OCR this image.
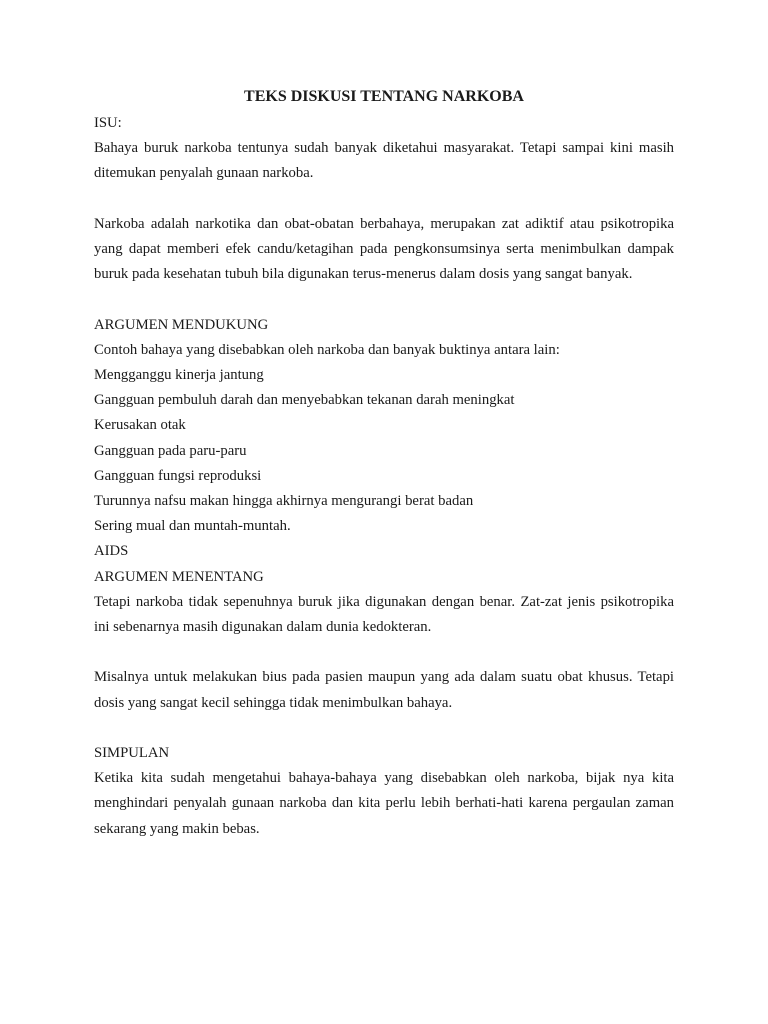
TEKS DISKUSI TENTANG NARKOBA
ISU:

Bahaya buruk narkoba tentunya sudah banyak diketahui masyarakat. Tetapi sampai kini masih ditemukan penyalah gunaan narkoba.

Narkoba adalah narkotika dan obat-obatan berbahaya, merupakan zat adiktif atau psikotropika yang dapat memberi efek candu/ketagihan pada pengkonsumsinya serta menimbulkan dampak buruk pada kesehatan tubuh bila digunakan terus-menerus dalam dosis yang sangat banyak.

ARGUMEN MENDUKUNG
Contoh bahaya yang disebabkan oleh narkoba dan banyak buktinya antara lain:
Mengganggu kinerja jantung
Gangguan pembuluh darah dan menyebabkan tekanan darah meningkat
Kerusakan otak
Gangguan pada paru-paru
Gangguan fungsi reproduksi
Turunnya nafsu makan hingga akhirnya mengurangi berat badan
Sering mual dan muntah-muntah.
AIDS
ARGUMEN MENENTANG

Tetapi narkoba tidak sepenuhnya buruk jika digunakan dengan benar. Zat-zat jenis psikotropika ini sebenarnya masih digunakan dalam dunia kedokteran.

Misalnya untuk melakukan bius pada pasien maupun yang ada dalam suatu obat khusus. Tetapi dosis yang sangat kecil sehingga tidak menimbulkan bahaya.

SIMPULAN

Ketika kita sudah mengetahui bahaya-bahaya yang disebabkan oleh narkoba, bijak nya kita menghindari penyalah gunaan narkoba dan kita perlu lebih berhati-hati karena pergaulan zaman sekarang yang makin bebas.
